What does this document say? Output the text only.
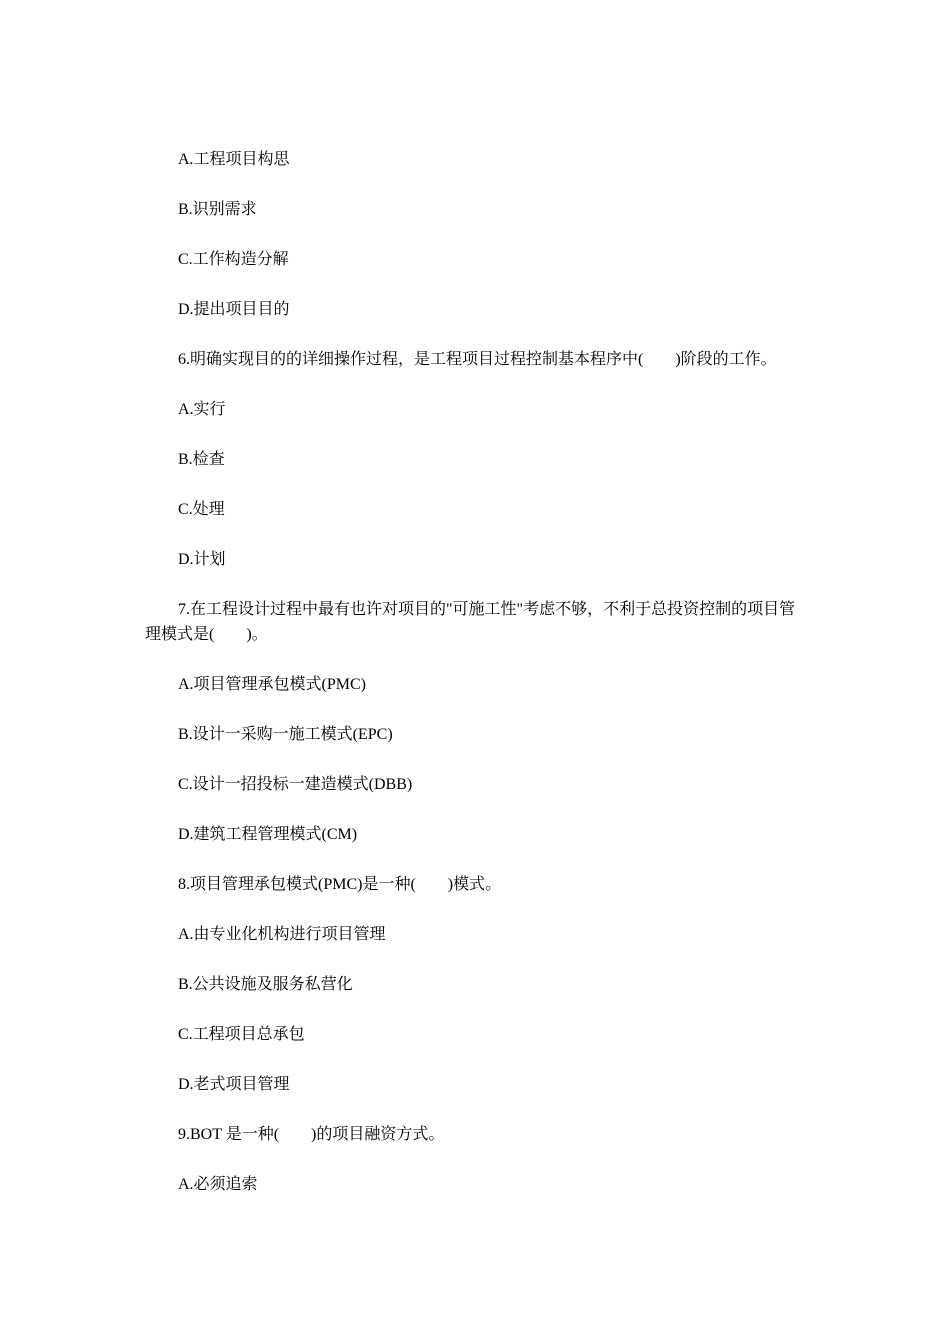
A.工程项目构思

B.识别需求

C.工作构造分解

D.提出项目目的

6.明确实现目的的详细操作过程，是工程项目过程控制基本程序中(　　)阶段的工作。

A.实行

B.检查

C.处理

D.计划

7.在工程设计过程中最有也许对项目的"可施工性"考虑不够，不利于总投资控制的项目管理模式是(　　)。

A.项目管理承包模式(PMC)

B.设计一采购一施工模式(EPC)

C.设计一招投标一建造模式(DBB)

D.建筑工程管理模式(CM)

8.项目管理承包模式(PMC)是一种(　　)模式。

A.由专业化机构进行项目管理

B.公共设施及服务私营化

C.工程项目总承包

D.老式项目管理

9.BOT 是一种(　　)的项目融资方式。

A.必须追索
